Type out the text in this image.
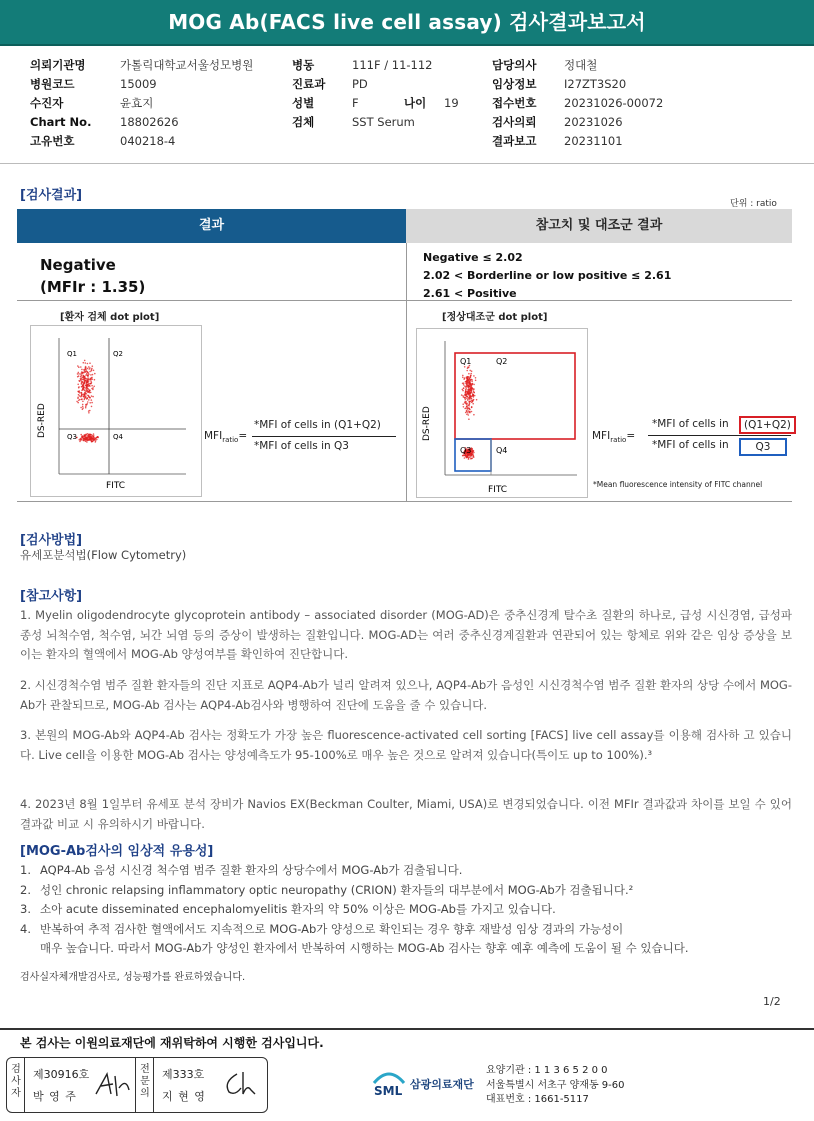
MOG Ab(FACS live cell assay) 검사결과보고서
의뢰기관명	가톨릭대학교서울성모병원
병원코드	15009
수진자	윤효지
Chart No.	18802626
고유번호	040218-4
병동	111F / 11-112
진료과	PD
성별	F	나이	19
검체	SST Serum
담당의사	정대철
임상정보	I27ZT3S20
접수번호	20231026-00072
검사의뢰	20231026
결과보고	20231101
[검사결과]
단위 : ratio
결과	참고치 및 대조군 결과
Negative
(MFIr : 1.35)
Negative ≤ 2.02
2.02 < Borderline or low positive ≤ 2.61
2.61 < Positive
[환자 검체 dot plot]	[정상대조군 dot plot]
Q1	Q2
Q3	Q4
FITC
DS-RED	$MFI_{ratio}=$
*MFI of cells in (Q1+Q2)
*MFI of cells in Q3
Q1	Q2
Q3	Q4
FITC
DS-RED	$MFI_{ratio}=$
*MFI of cells in	(Q1+Q2)
*MFI of cells in	Q3
*Mean fluorescence intensity of FITC channel
[검사방법]
유세포분석법(Flow Cytometry)
[참고사항]
1. Myelin oligodendrocyte glycoprotein antibody – associated disorder (MOG-AD)은 중추신경계 탈수초 질환의 하나로, 급성 시신경염, 급성파종성 뇌척수염, 척수염, 뇌간 뇌염 등의 증상이 발생하는 질환입니다. MOG-AD는 여러 중추신경계질환과 연관되어 있는 항체로 위와 같은 임상 증상을 보이는 환자의 혈액에서 MOG-Ab 양성여부를 확인하여 진단합니다.
2. 시신경척수염 범주 질환 환자들의 진단 지표로 AQP4-Ab가 널리 알려져 있으나, AQP4-Ab가 음성인 시신경척수염 범주 질환 환자의 상당 수에서 MOG-Ab가 관찰되므로, MOG-Ab 검사는 AQP4-Ab검사와 병행하여 진단에 도움을 줄 수 있습니다.
3. 본원의 MOG-Ab와 AQP4-Ab 검사는 정확도가 가장 높은 fluorescence-activated cell sorting [FACS] live cell assay를 이용해 검사하 고 있습니다. Live cell을 이용한 MOG-Ab 검사는 양성예측도가 95-100%로 매우 높은 것으로 알려져 있습니다(특이도 up to 100%).³
4. 2023년 8월 1일부터 유세포 분석 장비가 Navios EX(Beckman Coulter, Miami, USA)로 변경되었습니다. 이전 MFIr 결과값과 차이를 보일 수 있어 결과값 비교 시 유의하시기 바랍니다.
[MOG-Ab검사의 임상적 유용성]
1. AQP4-Ab 음성 시신경 척수염 범주 질환 환자의 상당수에서 MOG-Ab가 검출됩니다.
2. 성인 chronic relapsing inflammatory optic neuropathy (CRION) 환자들의 대부분에서 MOG-Ab가 검출됩니다.²
3. 소아 acute disseminated encephalomyelitis 환자의 약 50% 이상은 MOG-Ab를 가지고 있습니다.
4. 반복하여 추적 검사한 혈액에서도 지속적으로 MOG-Ab가 양성으로 확인되는 경우 향후 재발성 임상 경과의 가능성이
매우 높습니다. 따라서 MOG-Ab가 양성인 환자에서 반복하여 시행하는 MOG-Ab 검사는 향후 예후 예측에 도움이 될 수 있습니다.
검사실자체개발검사로, 성능평가를 완료하였습니다.
1/2
본 검사는 이원의료재단에 재위탁하여 시행한 검사입니다.
검사자
제30916호
박 영 주
전문의
제333호
지 현 영	SML 삼광의료재단
요양기관 : 1 1 3 6 5 2 0 0
서울특별시 서초구 양재동 9-60
대표번호 : 1661-5117
